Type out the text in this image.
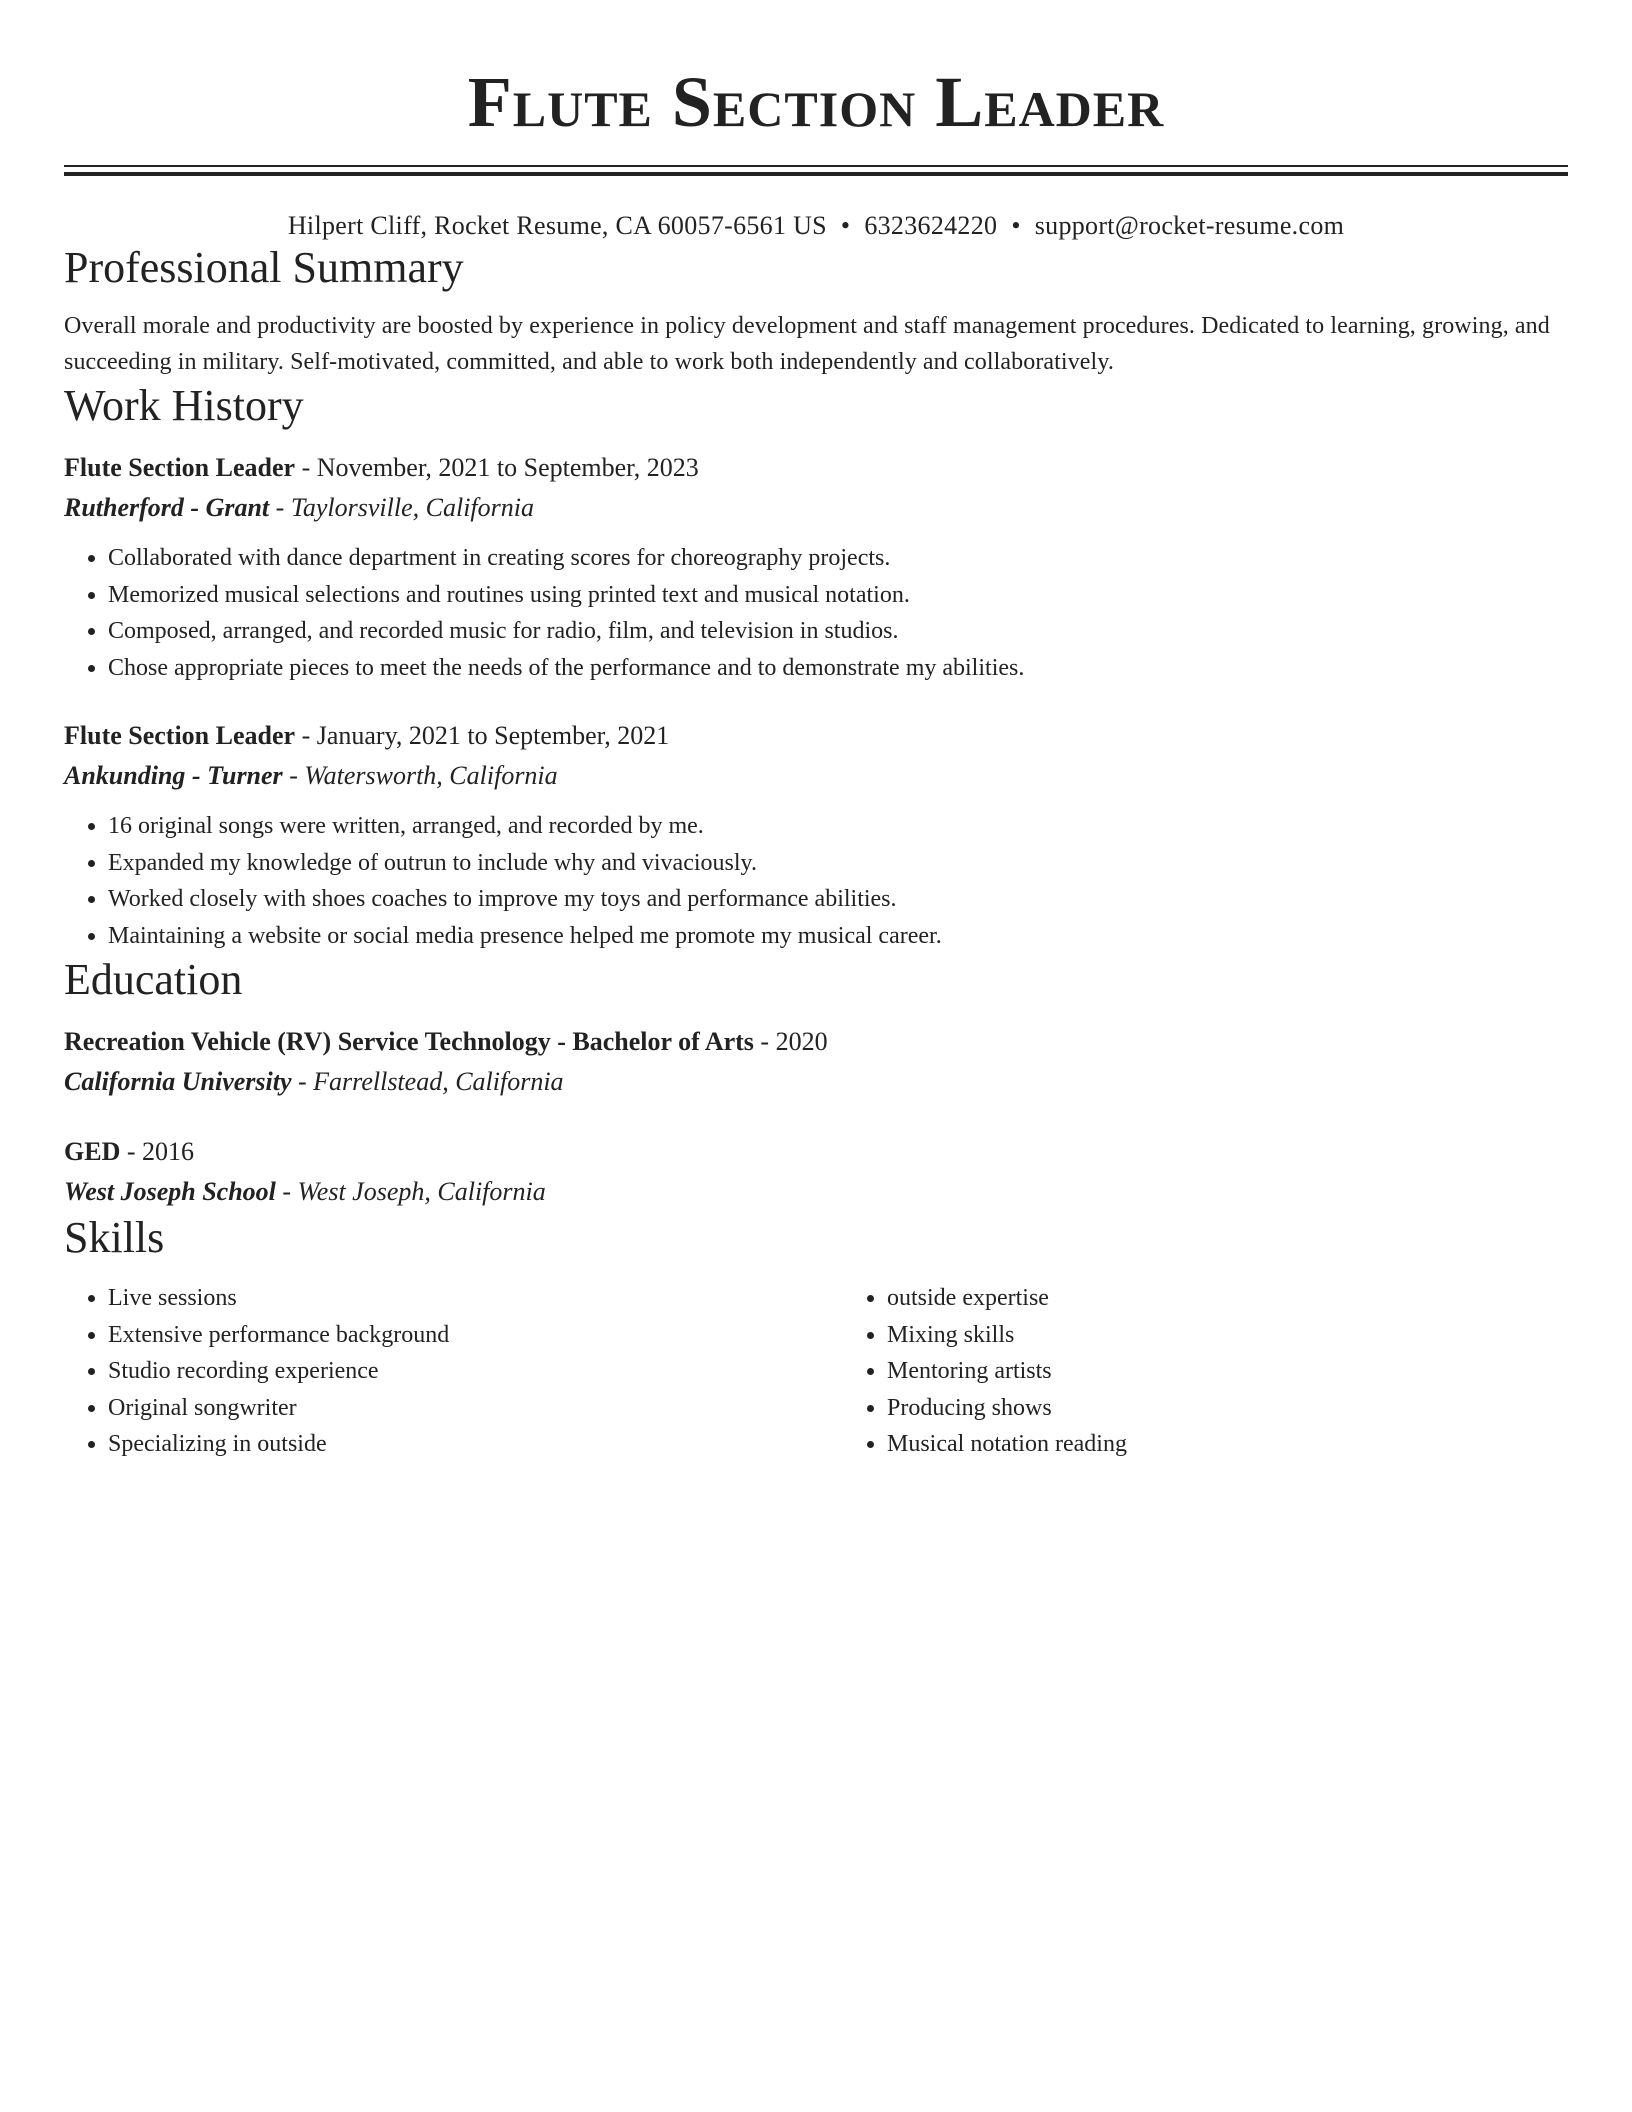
Flute Section Leader
Hilpert Cliff, Rocket Resume, CA 60057-6561 US • 6323624220 • support@rocket-resume.com
Professional Summary
Overall morale and productivity are boosted by experience in policy development and staff management procedures. Dedicated to learning, growing, and succeeding in military. Self-motivated, committed, and able to work both independently and collaboratively.
Work History
Flute Section Leader - November, 2021 to September, 2023
Rutherford - Grant - Taylorsville, California
• Collaborated with dance department in creating scores for choreography projects.
• Memorized musical selections and routines using printed text and musical notation.
• Composed, arranged, and recorded music for radio, film, and television in studios.
• Chose appropriate pieces to meet the needs of the performance and to demonstrate my abilities.
Flute Section Leader - January, 2021 to September, 2021
Ankunding - Turner - Watersworth, California
• 16 original songs were written, arranged, and recorded by me.
• Expanded my knowledge of outrun to include why and vivaciously.
• Worked closely with shoes coaches to improve my toys and performance abilities.
• Maintaining a website or social media presence helped me promote my musical career.
Education
Recreation Vehicle (RV) Service Technology - Bachelor of Arts - 2020
California University - Farrellstead, California
GED - 2016
West Joseph School - West Joseph, California
Skills
• Live sessions
• Extensive performance background
• Studio recording experience
• Original songwriter
• Specializing in outside
• outside expertise
• Mixing skills
• Mentoring artists
• Producing shows
• Musical notation reading
